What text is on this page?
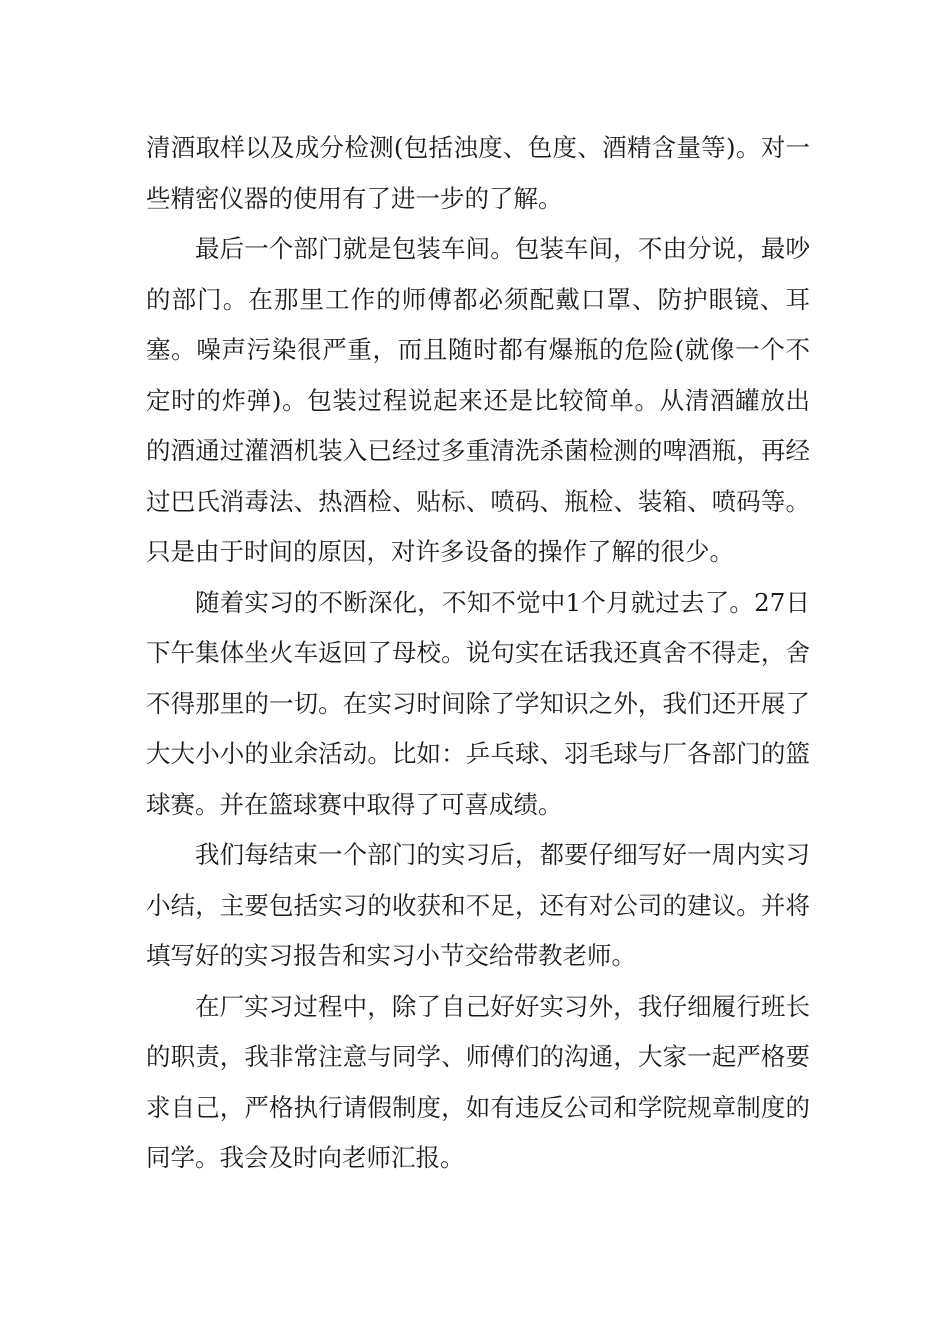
清酒取样以及成分检测(包括浊度、色度、酒精含量等)。对一些精密仪器的使用有了进一步的了解。

最后一个部门就是包装车间。包装车间，不由分说，最吵的部门。在那里工作的师傅都必须配戴口罩、防护眼镜、耳塞。噪声污染很严重，而且随时都有爆瓶的危险(就像一个不定时的炸弹)。包装过程说起来还是比较简单。从清酒罐放出的酒通过灌酒机装入已经过多重清洗杀菌检测的啤酒瓶，再经过巴氏消毒法、热酒检、贴标、喷码、瓶检、装箱、喷码等。只是由于时间的原因，对许多设备的操作了解的很少。

随着实习的不断深化，不知不觉中1个月就过去了。27日下午集体坐火车返回了母校。说句实在话我还真舍不得走，舍不得那里的一切。在实习时间除了学知识之外，我们还开展了大大小小的业余活动。比如：乒乓球、羽毛球与厂各部门的篮球赛。并在篮球赛中取得了可喜成绩。

我们每结束一个部门的实习后，都要仔细写好一周内实习小结，主要包括实习的收获和不足，还有对公司的建议。并将填写好的实习报告和实习小节交给带教老师。

在厂实习过程中，除了自己好好实习外，我仔细履行班长的职责，我非常注意与同学、师傅们的沟通，大家一起严格要求自己，严格执行请假制度，如有违反公司和学院规章制度的同学。我会及时向老师汇报。
